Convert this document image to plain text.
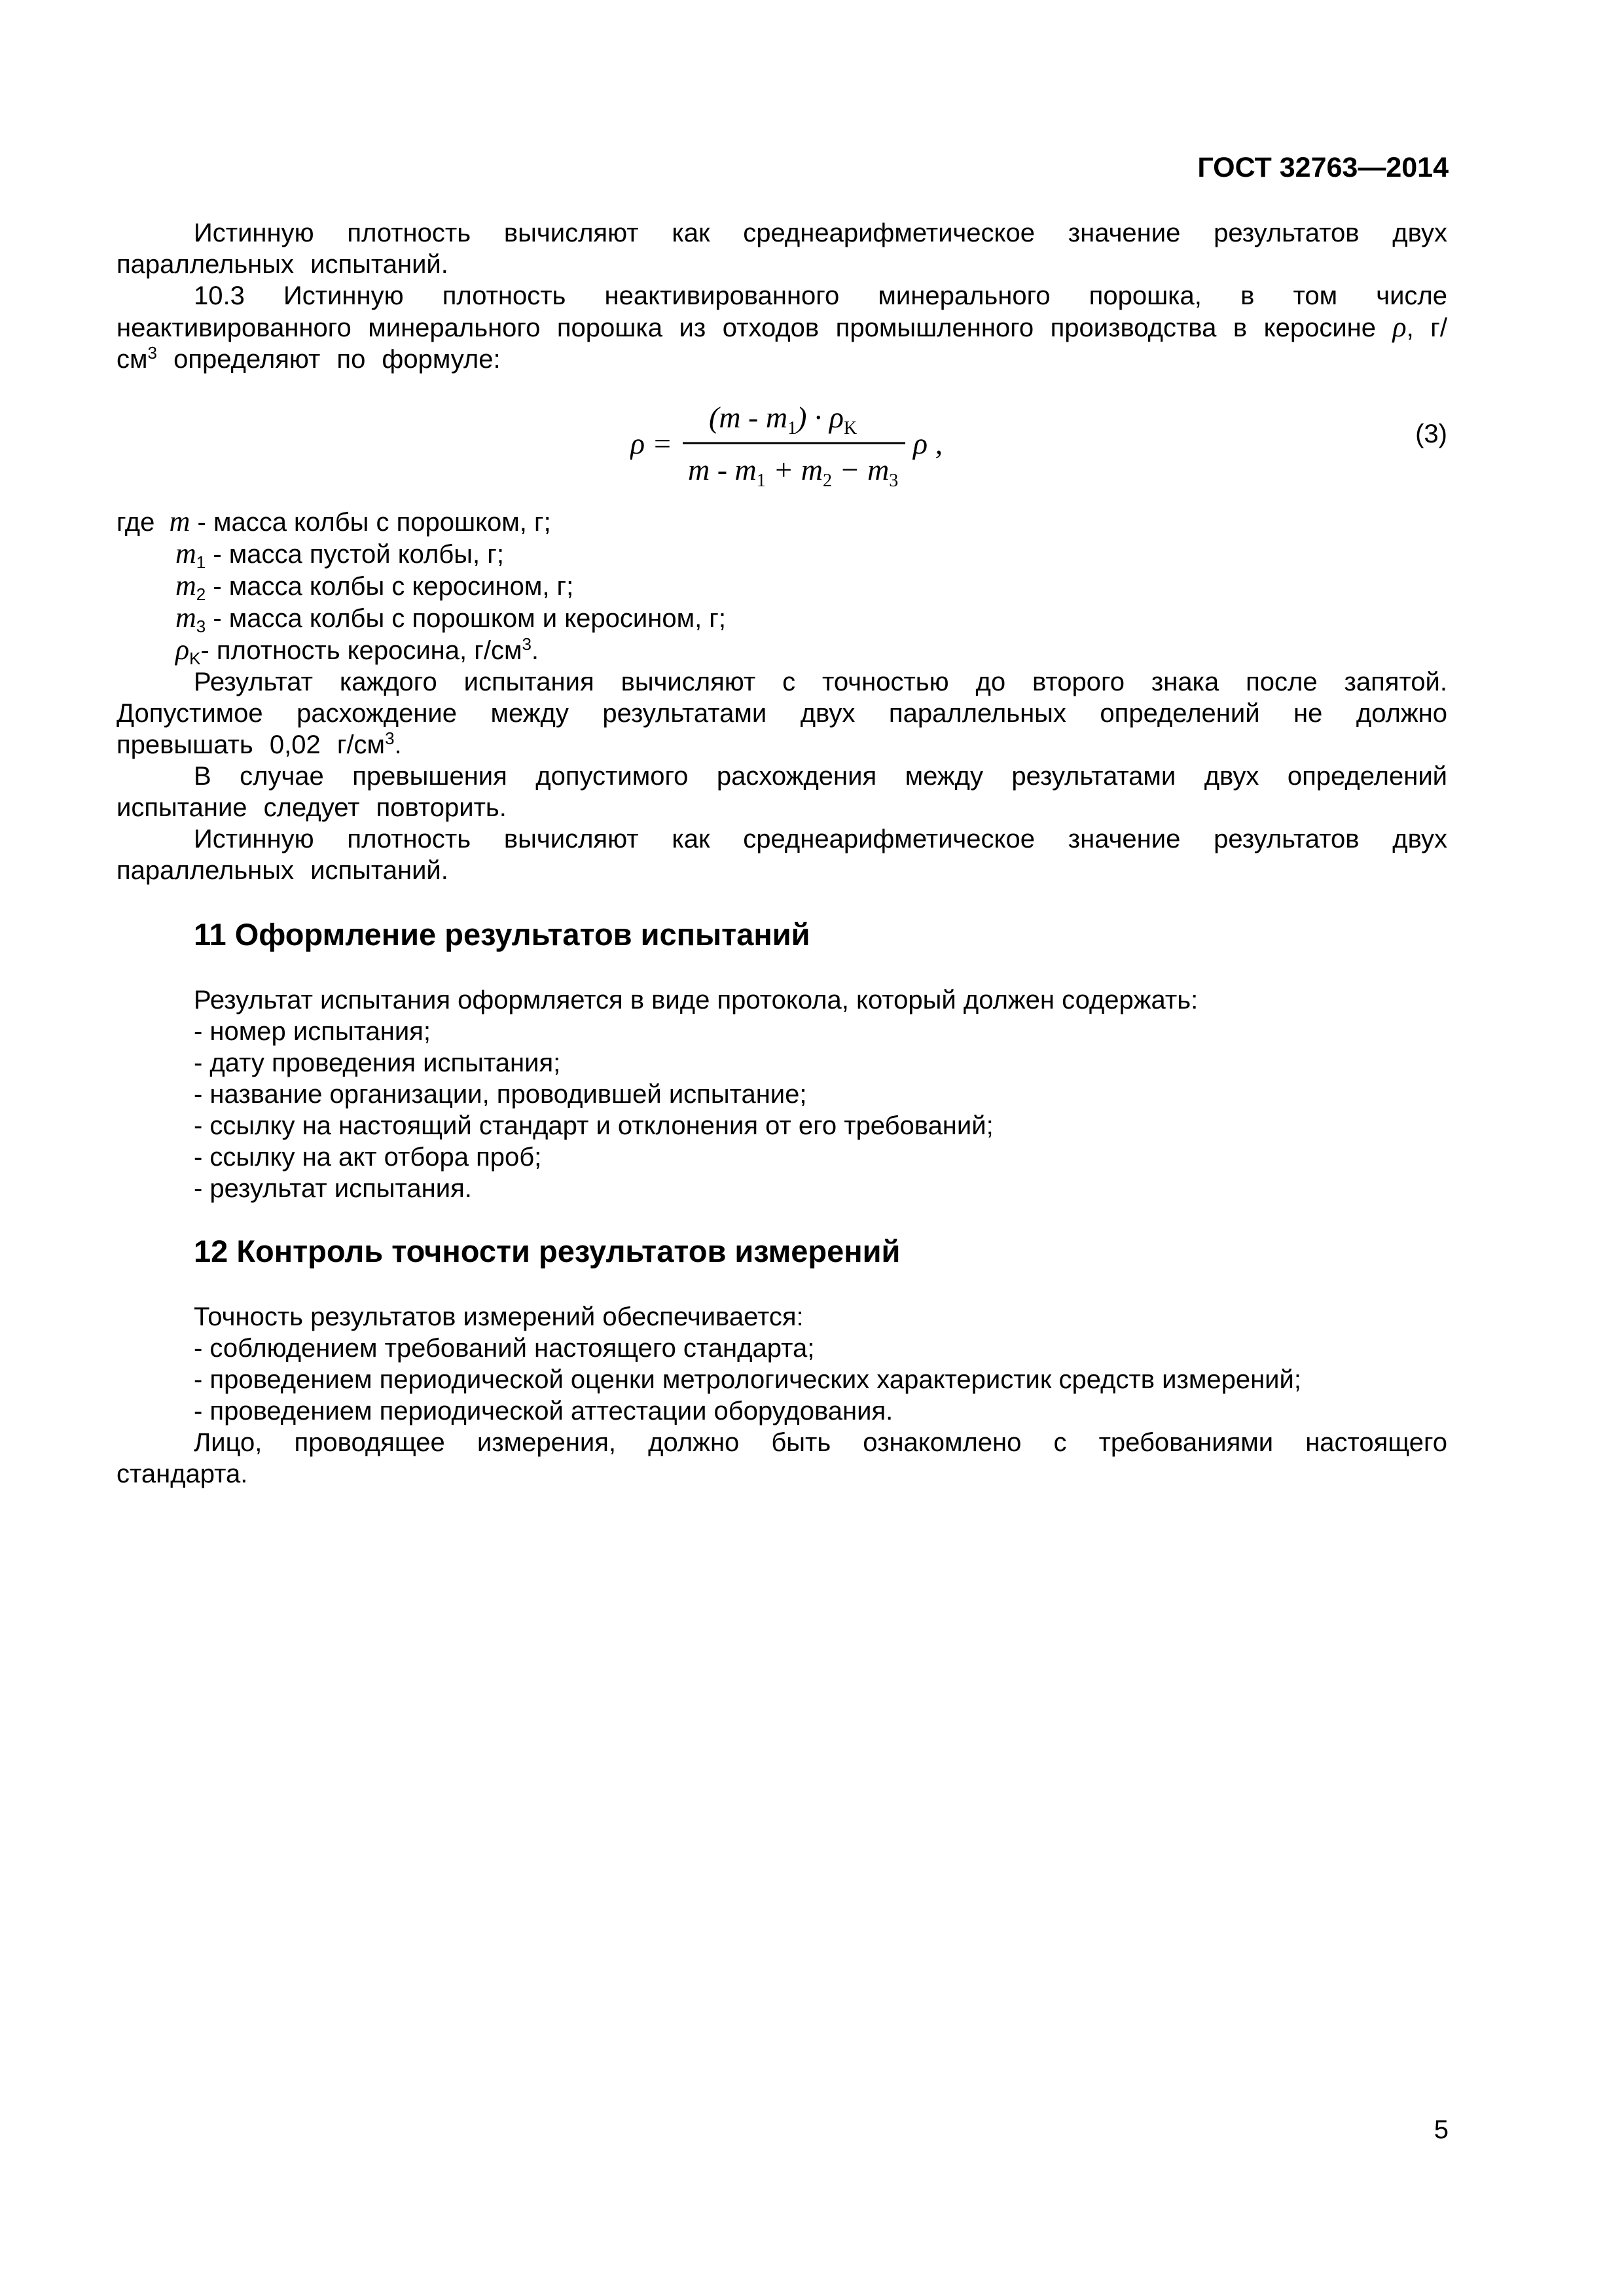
ГОСТ 32763—2014

Истинную плотность вычисляют как среднеарифметическое значение результатов двух параллельных испытаний.

10.3 Истинную плотность неактивированного минерального порошка, в том числе неактивированного минерального порошка из отходов промышленного производства в керосине ρ, $г/см^3$ определяют по формуле:

ρ =
$(m - m_1) \cdot \rho_K$
$m - m_1 + m_2 - m_3$
ρ ,	(3)

где m - масса колбы с порошком, г;

$m_1$ - масса пустой колбы, г;

$m_2$ - масса колбы с керосином, г;

$m_3$ - масса колбы с порошком и керосином, г;

$\rho_K-$ плотность керосина, $г/см^3$.

Результат каждого испытания вычисляют с точностью до второго знака после запятой. Допустимое расхождение между результатами двух параллельных определений не должно превышать 0,02 $г/см^3$.

В случае превышения допустимого расхождения между результатами двух определений испытание следует повторить.

Истинную плотность вычисляют как среднеарифметическое значение результатов двух параллельных испытаний.

11 Оформление результатов испытаний

Результат испытания оформляется в виде протокола, который должен содержать:

- номер испытания;

- дату проведения испытания;

- название организации, проводившей испытание;

- ссылку на настоящий стандарт и отклонения от его требований;

- ссылку на акт отбора проб;

- результат испытания.

12 Контроль точности результатов измерений

Точность результатов измерений обеспечивается:

- соблюдением требований настоящего стандарта;

- проведением периодической оценки метрологических характеристик средств измерений;

- проведением периодической аттестации оборудования.

Лицо, проводящее измерения, должно быть ознакомлено с требованиями настоящего стандарта.

5
